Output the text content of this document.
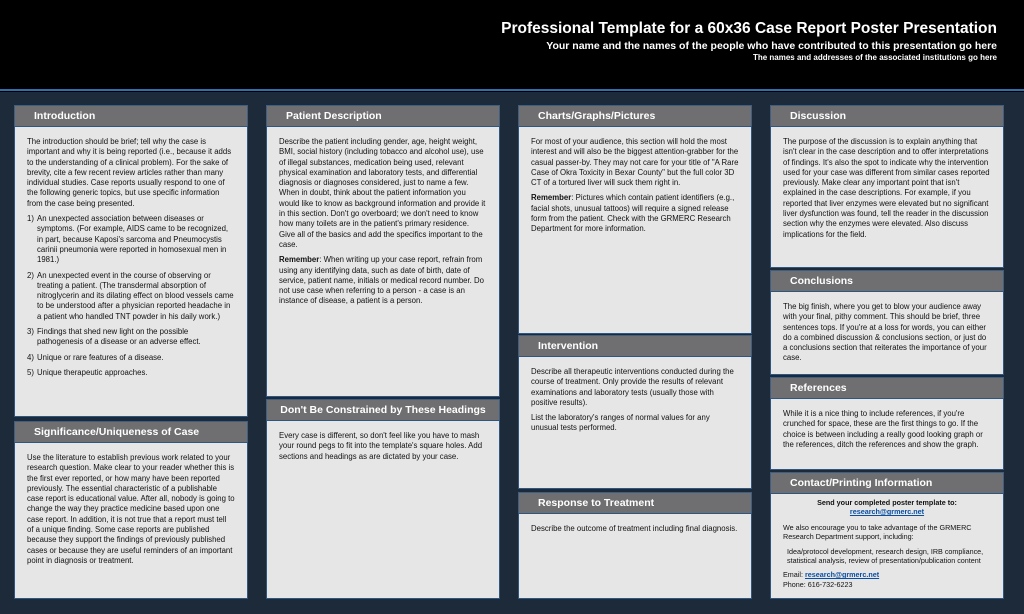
Professional Template for a 60x36 Case Report Poster Presentation
Your name and the names of the people who have contributed to this presentation go here
The names and addresses of the associated institutions go here
Introduction

The introduction should be brief; tell why the case is important and why it is being reported (i.e., because it adds to the understanding of a clinical problem). For the sake of brevity, cite a few recent review articles rather than many individual studies. Case reports usually respond to one of the following generic topics, but use specific information from the case being presented.

1) An unexpected association between diseases or symptoms. (For example, AIDS came to be recognized, in part, because Kaposi's sarcoma and Pneumocystis carinii pneumonia were reported in homosexual men in 1981.)
2) An unexpected event in the course of observing or treating a patient. (The transdermal absorption of nitroglycerin and its dilating effect on blood vessels came to be understood after a physician reported headache in a patient who handled TNT powder in his daily work.)
3) Findings that shed new light on the possible pathogenesis of a disease or an adverse effect.
4) Unique or rare features of a disease.
5) Unique therapeutic approaches.
Significance/Uniqueness of Case

Use the literature to establish previous work related to your research question. Make clear to your reader whether this is the first ever reported, or how many have been reported previously. The essential characteristic of a publishable case report is educational value. After all, nobody is going to change the way they practice medicine based upon one case report. In addition, it is not true that a report must tell of a unique finding. Some case reports are published because they support the findings of previously published cases or because they are useful reminders of an important point in diagnosis or treatment.

Patient Description

Describe the patient including gender, age, height weight, BMI, social history (including tobacco and alcohol use), use of illegal substances, medication being used, relevant physical examination and laboratory tests, and differential diagnosis or diagnoses considered, just to name a few. When in doubt, think about the patient information you would like to know as background information and provide it in this section. Don't go overboard; we don't need to know how many toilets are in the patient's primary residence. Give all of the basics and add the specifics important to the case.

Remember: When writing up your case report, refrain from using any identifying data, such as date of birth, date of service, patient name, initials or medical record number. Do not use case when referring to a person - a case is an instance of disease, a patient is a person.

Don't Be Constrained by These Headings

Every case is different, so don't feel like you have to mash your round pegs to fit into the template's square holes. Add sections and headings as are dictated by your case.

Charts/Graphs/Pictures

For most of your audience, this section will hold the most interest and will also be the biggest attention-grabber for the casual passer-by. They may not care for your title of "A Rare Case of Okra Toxicity in Bexar County" but the full color 3D CT of a tortured liver will suck them right in.

Remember: Pictures which contain patient identifiers (e.g., facial shots, unusual tattoos) will require a signed release form from the patient. Check with the GRMERC Research Department for more information.

Intervention

Describe all therapeutic interventions conducted during the course of treatment. Only provide the results of relevant examinations and laboratory tests (usually those with positive results).

List the laboratory's ranges of normal values for any unusual tests performed.

Response to Treatment

Describe the outcome of treatment including final diagnosis.

Discussion

The purpose of the discussion is to explain anything that isn't clear in the case description and to offer interpretations of findings. It's also the spot to indicate why the intervention used for your case was different from similar cases reported previously. Make clear any important point that isn't explained in the case descriptions. For example, if you reported that liver enzymes were elevated but no significant liver dysfunction was found, tell the reader in the discussion section why the enzymes were elevated. Also discuss implications for the field.

Conclusions

The big finish, where you get to blow your audience away with your final, pithy comment. This should be brief, three sentences tops. If you're at a loss for words, you can either do a combined discussion & conclusions section, or just do a conclusions section that reiterates the importance of your case.

References

While it is a nice thing to include references, if you're crunched for space, these are the first things to go. If the choice is between including a really good looking graph or the references, ditch the references and show the graph.

Contact/Printing Information
Send your completed poster template to:
research@grmerc.net

We also encourage you to take advantage of the GRMERC Research Department support, including:

Idea/protocol development, research design, IRB compliance, statistical analysis, review of presentation/publication content

Email: research@grmerc.net
Phone: 616-732-6223
